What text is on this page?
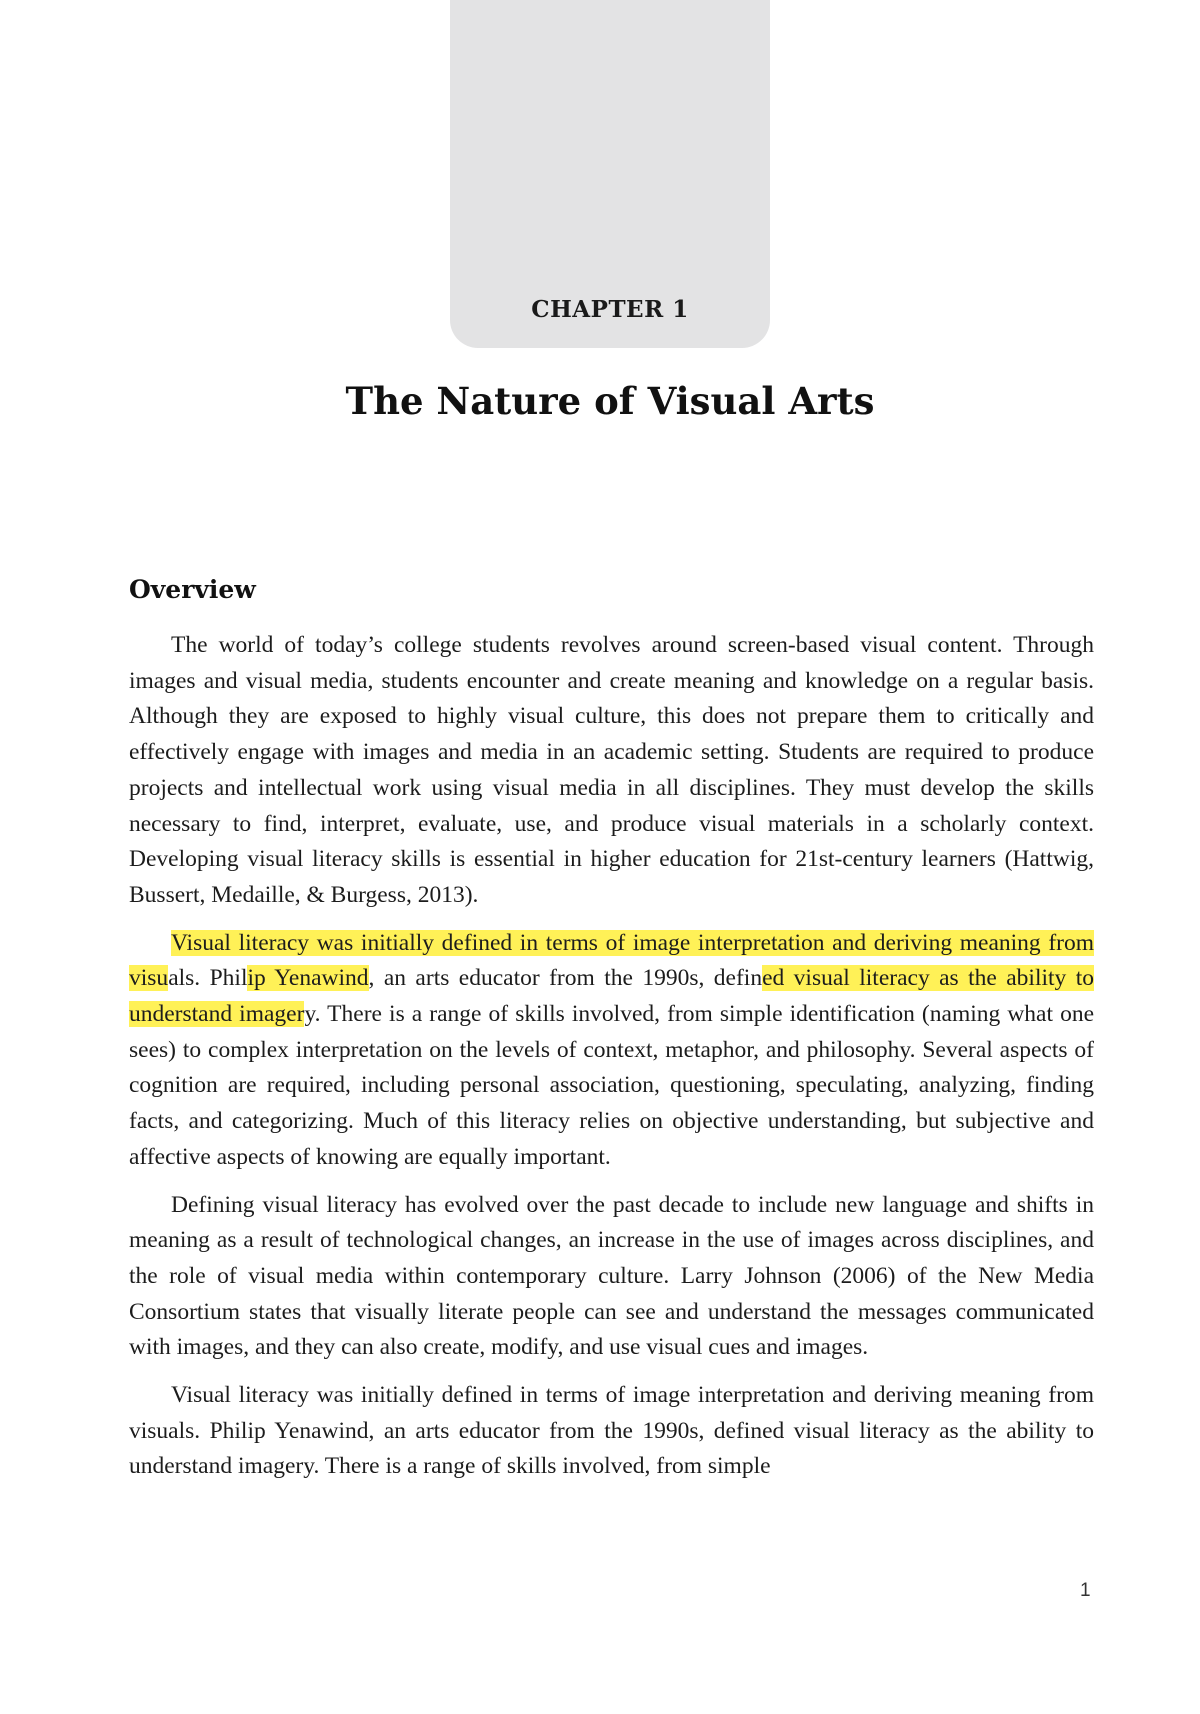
CHAPTER 1
The Nature of Visual Arts
Overview

The world of today’s college students revolves around screen-based visual content. Through images and visual media, students encounter and create meaning and knowledge on a regular basis. Although they are exposed to highly visual culture, this does not prepare them to critically and effectively engage with images and media in an academic setting. Students are required to produce projects and intellectual work using visual media in all disciplines. They must develop the skills necessary to find, interpret, evaluate, use, and produce visual materials in a scholarly context. Developing visual literacy skills is essential in higher education for 21st-century learners (Hattwig, Bussert, Medaille, & Burgess, 2013).

Visual literacy was initially defined in terms of image interpretation and deriving meaning from visuals. Philip Yenawind, an arts educator from the 1990s, defined visual literacy as the ability to understand imagery. There is a range of skills involved, from simple identification (naming what one sees) to complex interpretation on the levels of context, metaphor, and philosophy. Several aspects of cognition are required, including personal association, questioning, speculating, analyzing, finding facts, and categorizing. Much of this literacy relies on objective understanding, but subjective and affective aspects of knowing are equally important.

Defining visual literacy has evolved over the past decade to include new language and shifts in meaning as a result of technological changes, an increase in the use of images across disciplines, and the role of visual media within contemporary culture. Larry Johnson (2006) of the New Media Consortium states that visually literate people can see and understand the messages communicated with images, and they can also create, modify, and use visual cues and images.

Visual literacy was initially defined in terms of image interpretation and deriving meaning from visuals. Philip Yenawind, an arts educator from the 1990s, defined visual literacy as the ability to understand imagery. There is a range of skills involved, from simple

1
